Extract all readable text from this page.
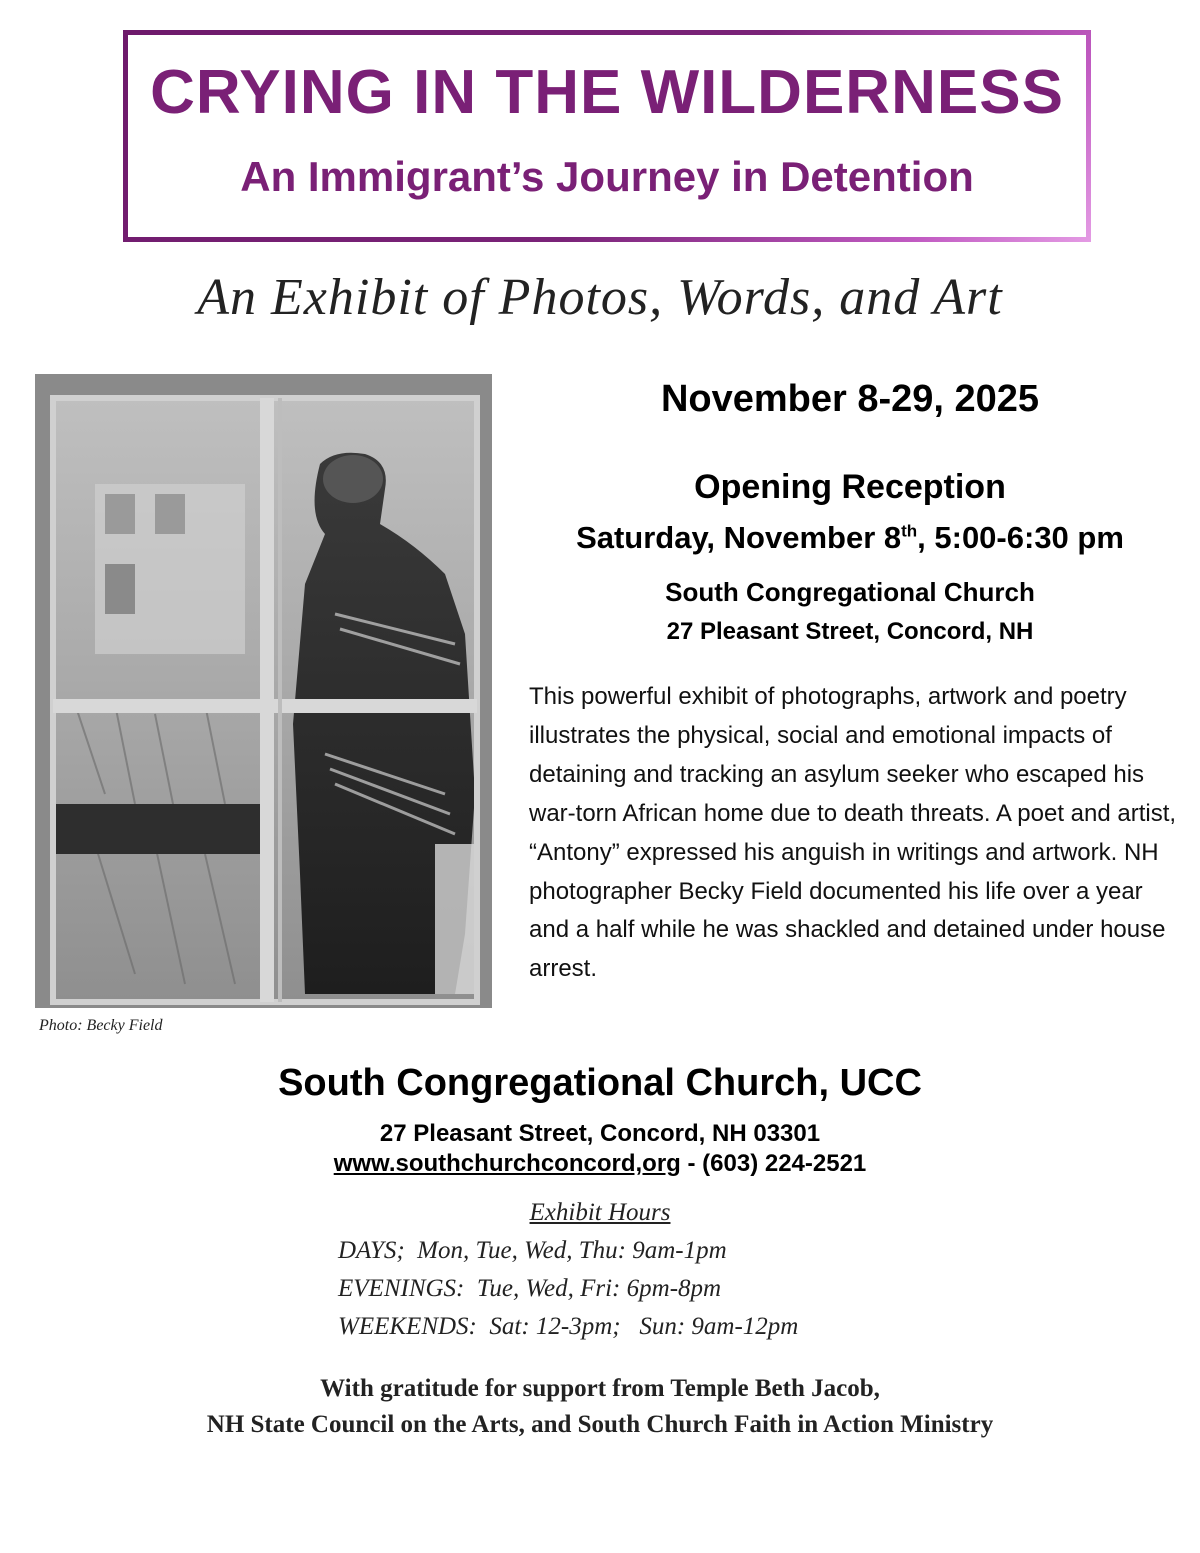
CRYING IN THE WILDERNESS
An Immigrant’s Journey in Detention
An Exhibit of Photos, Words, and Art
Photo: Becky Field
November 8-29, 2025
Opening Reception
Saturday, November 8th, 5:00-6:30 pm
South Congregational Church
27 Pleasant Street, Concord, NH
This powerful exhibit of photographs, artwork and poetry illustrates the physical, social and emotional impacts of detaining and tracking an asylum seeker who escaped his war-torn African home due to death threats. A poet and artist, “Antony” expressed his anguish in writings and artwork. NH photographer Becky Field documented his life over a year and a half while he was shackled and detained under house arrest.
South Congregational Church, UCC
27 Pleasant Street, Concord, NH 03301
www.southchurchconcord,org - (603) 224-2521
Exhibit Hours
DAYS;  Mon, Tue, Wed, Thu: 9am-1pm
EVENINGS:  Tue, Wed, Fri: 6pm-8pm
WEEKENDS:  Sat: 12-3pm;   Sun: 9am-12pm
With gratitude for support from Temple Beth Jacob,
NH State Council on the Arts, and South Church Faith in Action Ministry
